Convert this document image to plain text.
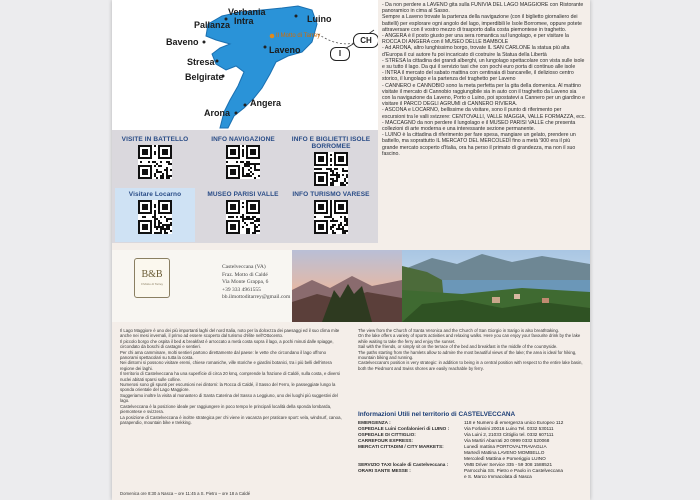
Verbania
Intra
Pallanza
Luino
Baveno
Il Motto di Tarrey
Laveno
Stresa
Belgirate
Angera
Arona
CH
I
VISITE IN BATTELLO	INFO NAVIGAZIONE	INFO E BIGLIETTI ISOLE BORROMEE
Visitare Locarno	MUSEO PARISI VALLE	INFO TURISMO VARESE

- Da non perdere a LAVENO gita sulla FUNIVIA DEL LAGO MAGGIORE con Ristorante panoramico in cima al Sasso.

Sempre a Laveno trovate la partenza della navigazione (con il biglietto giornaliero dei battelli) per esplorare ogni angolo del lago, imperdibili le Isole Borromee, oppure potete attraversare con il vostro mezzo di trasporto dalla costa piemontese in traghetto.

- ANGERA è il posto giusto per una sera romantica sul lungolago, e per visitare la ROCCA DI ANGERA con il MUSEO DELLE BAMBOLE

- Ad ARONA, altro lunghissimo borgo, trovate IL SAN CARLONE la statua più alta d'Europa il cui autore fu poi incaricato di costruire la Statua della Libertà

- STRESA la cittadina dei grandi alberghi, un lungolago spettacolare con vista sulle isole e su tutto il lago. Da qui il servizio taxi che con pochi euro porta di continuo alle isole

- INTRA il mercato del sabato mattina con centinaia di bancarelle, il delizioso centro storico, il lungolago e la partenza del traghetto per Laveno

- CANNERO e CANNOBIO sono la meta perfetta per la gita della domenica. Al mattino visitate il mercato di Cannobio raggiungibile sia in auto con il traghetto da Laveno sia con la navigazione da Laveno, Porto o Luino, poi spostatevi a Cannero per un giardino e visitare il PARCO DEGLI AGRUMI di CANNERO RIVIERA.

- ASCONA e LOCARNO, bellissime da visitare, sono il punto di riferimento per escursioni tra le valli svizzere: CENTOVALLI, VALLE MAGGIA, VALLE FORMAZZA, ecc.

- MACCAGNO da non perdere il lungolago e il MUSEO PARISI VALLE che presenta collezioni di arte moderna e una interessante sezione permanente.

- LUINO è la cittadina di riferimento per fare spesa, mangiare un gelato, prendere un battello, ma soprattutto IL MERCATO DEL MERCOLEDÌ fino a metà '900 era il più grande mercato scoperto d'Italia, ora ha perso il primato di grandezza, ma non il suo fascino.

B&B
Il Motto di Tarrey
Castelveccana (VA)
Fraz. Motto di Caldé
Via Monte Grappa, 6
+39 333 4961555
bb.ilmottoditarrey@gmail.com

Il Lago Maggiore è uno dei più importanti laghi del nord Italia, noto per la dolcezza dei paesaggi ed il suo clima mite anche nei mesi invernali, il primo ad essere scoperto dal turismo d'élite nell'Ottocento.

Il piccolo borgo che ospita il bed & breakfast è arroccato a metà costa sopra il lago, a pochi minuti dalle spiagge, circondato da boschi di castagni e sentieri.

Per chi ama camminare, molti sentieri partono direttamente dal paese: le vette che circondano il lago offrono panorami spettacolari su tutta la costa.

Nei dintorni si possono visitare eremi, chiese romaniche, ville storiche e giardini botanici, tra i più belli dell'intera regione dei laghi.

Il territorio di Castelveccana ha una superficie di circa 20 kmq, comprende la frazione di Caldé, sulla costa, e diversi nuclei abitati sparsi sulle colline.

Numerosi sono gli spunti per escursioni nei dintorni: la Rocca di Caldé, il Sasso del Ferro, le passeggiate lungo la sponda orientale del Lago Maggiore.

Suggeriamo inoltre la visita al monastero di Santa Caterina del Sasso a Leggiuno, uno dei luoghi più suggestivi del lago.

Castelveccana è la posizione ideale per raggiungere in poco tempo le principali località della sponda lombarda, piemontese e svizzera.

La posizione di Castelveccana è inoltre strategica per chi viene in vacanza per praticare sport: vela, windsurf, canoa, parapendio, mountain bike e trekking.

The view from the Church of Santa Veronica and the Church of San Giorgio in Sarigo is also breathtaking.

On the lake offers a variety of sports activities and relaxing walks. Here you can enjoy your favourite drink by the lake while waiting to take the ferry and enjoy the sunset.

Sail with the friends, or simply sit on the terrace of the bed and breakfast in the middle of the countryside.

The paths starting from the hamlets allow to admire the most beautiful views of the lake; the area is ideal for hiking, mountain biking and running.

Castelveccana's position is very strategic: in addition to being in a central position with respect to the entire lake basin, both the Piedmont and Swiss shores are easily reachable by ferry.

Informazioni Utili nel territorio di CASTELVECCANA
EMERGENZA :	118 e Numero di emergenza unico Europeo 112
OSPEDALE Luini Confalonieri di LUINO :	Via Forlanini 20016 Luino Tel. 0332 530111
OSPEDALE DI CITTIGLIO:	Via Luini 2, 21033 Cittiglio tel. 0332 607111
CARREFOUR EXPRESS:	Via Martiri Abarrati 20 0999 0332 520068
MERCATI CITTADINI / CITY MARKETS:	Lunedì mattina PORTOVALTRAVAGLIA
Martedì Mattina LAVENO MOMBELLO
Mercoledì Mattina e Pomeriggio LUINO
SERVIZIO TAXI locale di Castelveccana :	VMB Driver Service 335 - 59 308 1588521
ORARI SANTE MESSE :	Parrocchia SS. Pietro e Paolo in Castelveccana
e S. Marco Immacolata di Nasca
Domenica ore 8:30 a Nasca – ore 11:45 a S. Pietro – ore 18 a Caldé
